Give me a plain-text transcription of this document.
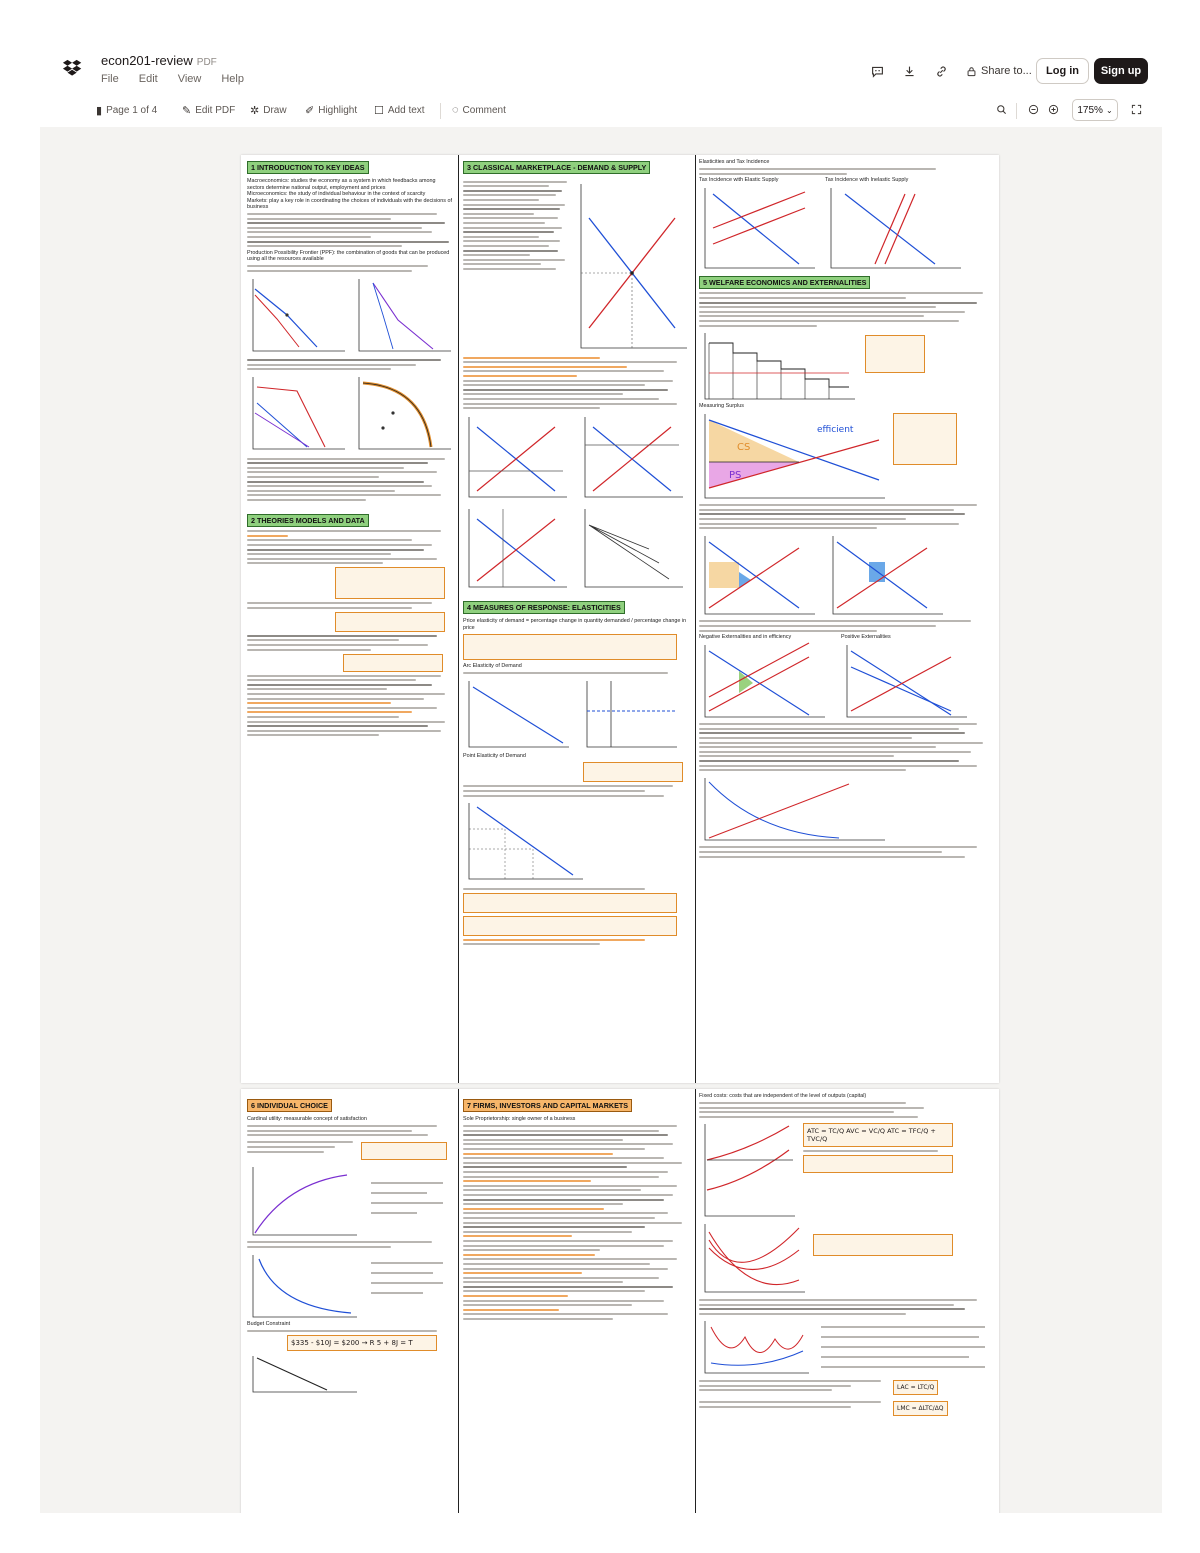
econ201-review PDF
File Edit View Help
Share to...	Log in	Sign up
▮ Page 1 of 4 ✎ Edit PDF ✲ Draw ✐ Highlight ☐ Add text ◌ Comment	175% ⌄
1 INTRODUCTION TO KEY IDEAS
Macroeconomics: studies the economy as a system in which feedbacks among sectors determine national output, employment and prices
Microeconomics: the study of individual behaviour in the context of scarcity
Markets: play a key role in coordinating the choices of individuals with the decisions of business
Production Possibility Frontier (PPF): the combination of goods that can be produced using all the resources available
2 THEORIES MODELS AND DATA
3 CLASSICAL MARKETPLACE - DEMAND & SUPPLY
4 MEASURES OF RESPONSE: ELASTICITIES
Price elasticity of demand = percentage change in quantity demanded / percentage change in price
Arc Elasticity of Demand
Point Elasticity of Demand
Elasticities and Tax Incidence
Tax Incidence with Elastic Supply	Tax Incidence with Inelastic Supply
5 WELFARE ECONOMICS AND EXTERNALITIES
Measuring Surplus
CS
PS
efficient
Negative Externalities and in efficiency	Positive Externalities
6 INDIVIDUAL CHOICE
Cardinal utility: measurable concept of satisfaction
Budget Constraint
$335 - $10J = $200 → R 5 + 8J = T
7 FIRMS, INVESTORS AND CAPITAL MARKETS
Sole Proprietorship: single owner of a business
Fixed costs: costs that are independent of the level of outputs (capital)
ATC = TC/Q AVC = VC/Q ATC = TFC/Q + TVC/Q
LAC = LTC/Q
LMC = ΔLTC/ΔQ
